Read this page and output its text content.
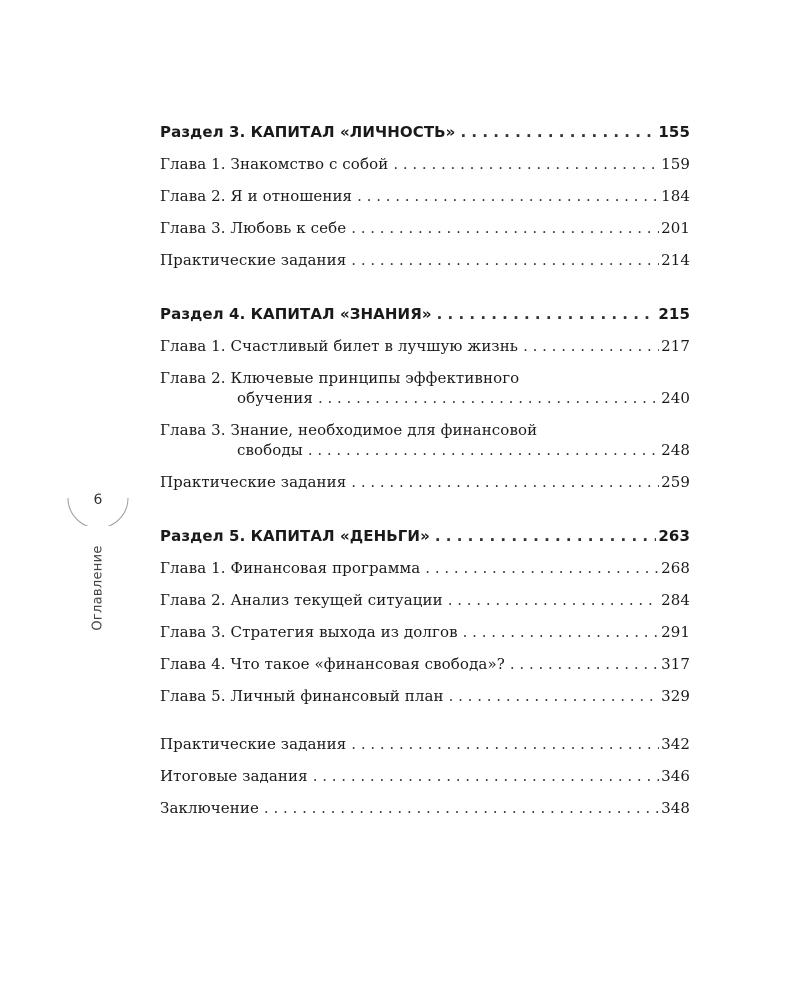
Раздел 3. КАПИТАЛ «ЛИЧНОСТЬ» . . .	155
Глава 1. Знакомство с собой . . .	159
Глава 2. Я и отношения . . .	184
Глава 3. Любовь к себе . . .	201
Практические задания . . .	214
Раздел 4. КАПИТАЛ «ЗНАНИЯ» . . .	215
Глава 1. Счастливый билет в лучшую жизнь . . .	217
Глава 2. Ключевые принципы эффективного
обучения . . .	240
Глава 3. Знание, необходимое для финансовой
свободы . . .	248
Практические задания . . .	259
Раздел 5. КАПИТАЛ «ДЕНЬГИ» . . .	263
Глава 1. Финансовая программа . . .	268
Глава 2. Анализ текущей ситуации . . .	284
Глава 3. Стратегия выхода из долгов . . .	291
Глава 4. Что такое «финансовая свобода»? . . .	317
Глава 5. Личный финансовый план . . .	329
Практические задания . . .	342
Итоговые задания . . .	346
Заключение . . .	348
6
Оглавление
